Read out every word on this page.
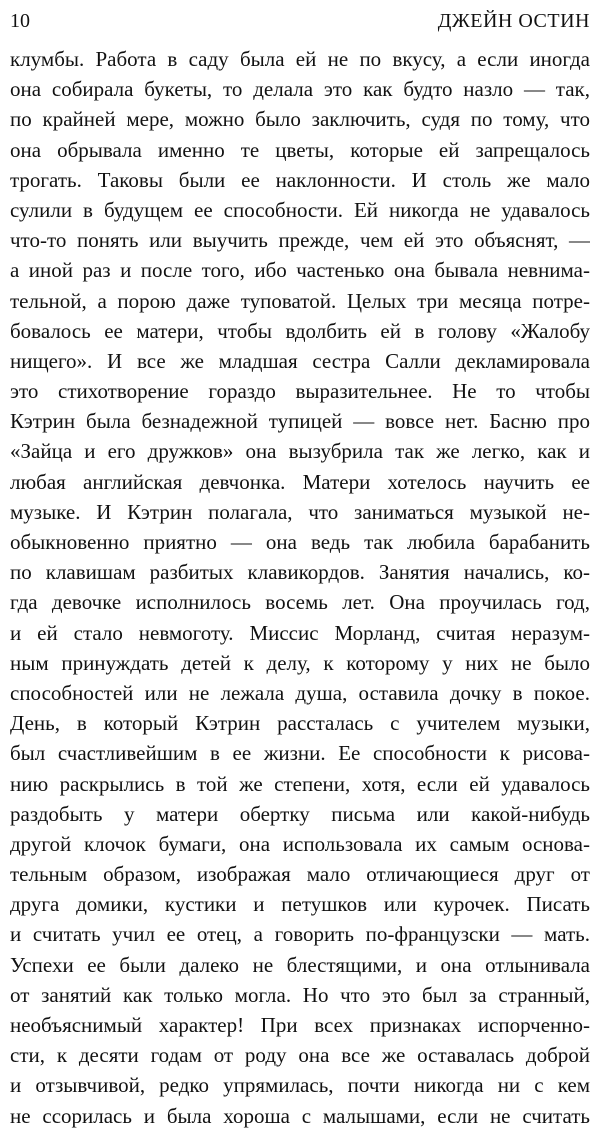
10	ДЖЕЙН ОСТИН
клумбы. Работа в саду была ей не по вкусу, а если иногда
она собирала букеты, то делала это как будто назло — так,
по крайней мере, можно было заключить, судя по тому, что
она обрывала именно те цветы, которые ей запрещалось
трогать. Таковы были ее наклонности. И столь же мало
сулили в будущем ее способности. Ей никогда не удавалось
что-то понять или выучить прежде, чем ей это объяснят, —
а иной раз и после того, ибо частенько она бывала невнима-
тельной, а порою даже туповатой. Целых три месяца потре-
бовалось ее матери, чтобы вдолбить ей в голову «Жалобу
нищего». И все же младшая сестра Салли декламировала
это стихотворение гораздо выразительнее. Не то чтобы
Кэтрин была безнадежной тупицей — вовсе нет. Басню про
«Зайца и его дружков» она вызубрила так же легко, как и
любая английская девчонка. Матери хотелось научить ее
музыке. И Кэтрин полагала, что заниматься музыкой не-
обыкновенно приятно — она ведь так любила барабанить
по клавишам разбитых клавикордов. Занятия начались, ко-
гда девочке исполнилось восемь лет. Она проучилась год,
и ей стало невмоготу. Миссис Морланд, считая неразум-
ным принуждать детей к делу, к которому у них не было
способностей или не лежала душа, оставила дочку в покое.
День, в который Кэтрин рассталась с учителем музыки,
был счастливейшим в ее жизни. Ее способности к рисова-
нию раскрылись в той же степени, хотя, если ей удавалось
раздобыть у матери обертку письма или какой-нибудь
другой клочок бумаги, она использовала их самым основа-
тельным образом, изображая мало отличающиеся друг от
друга домики, кустики и петушков или курочек. Писать
и считать учил ее отец, а говорить по-французски — мать.
Успехи ее были далеко не блестящими, и она отлынивала
от занятий как только могла. Но что это был за странный,
необъяснимый характер! При всех признаках испорченно-
сти, к десяти годам от роду она все же оставалась доброй
и отзывчивой, редко упрямилась, почти никогда ни с кем
не ссорилась и была хороша с малышами, если не считать
